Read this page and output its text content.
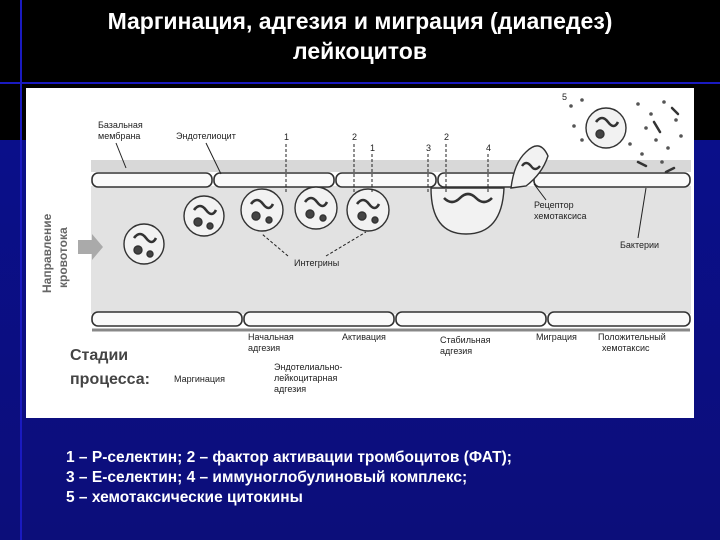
Маргинация, адгезия и миграция (диапедез)
лейкоцитов
Базальная
мембрана	Эндотелиоцит
Направление кровотока
1	2
1
2
3	4
5
Рецептор
хемотаксиса
Бактерии
Интегрины
Стадии
процесса:	Маргинация
Начальная
адгезия
Активация
Эндотелиально-
лейкоцитарная
адгезия
Стабильная
адгезия
Миграция Положительный
хемотаксис
1 – Р-селектин; 2 – фактор активации тромбоцитов (ФАТ);
3 – Е-селектин; 4 – иммуноглобулиновый комплекс;
5 – хемотаксические цитокины
